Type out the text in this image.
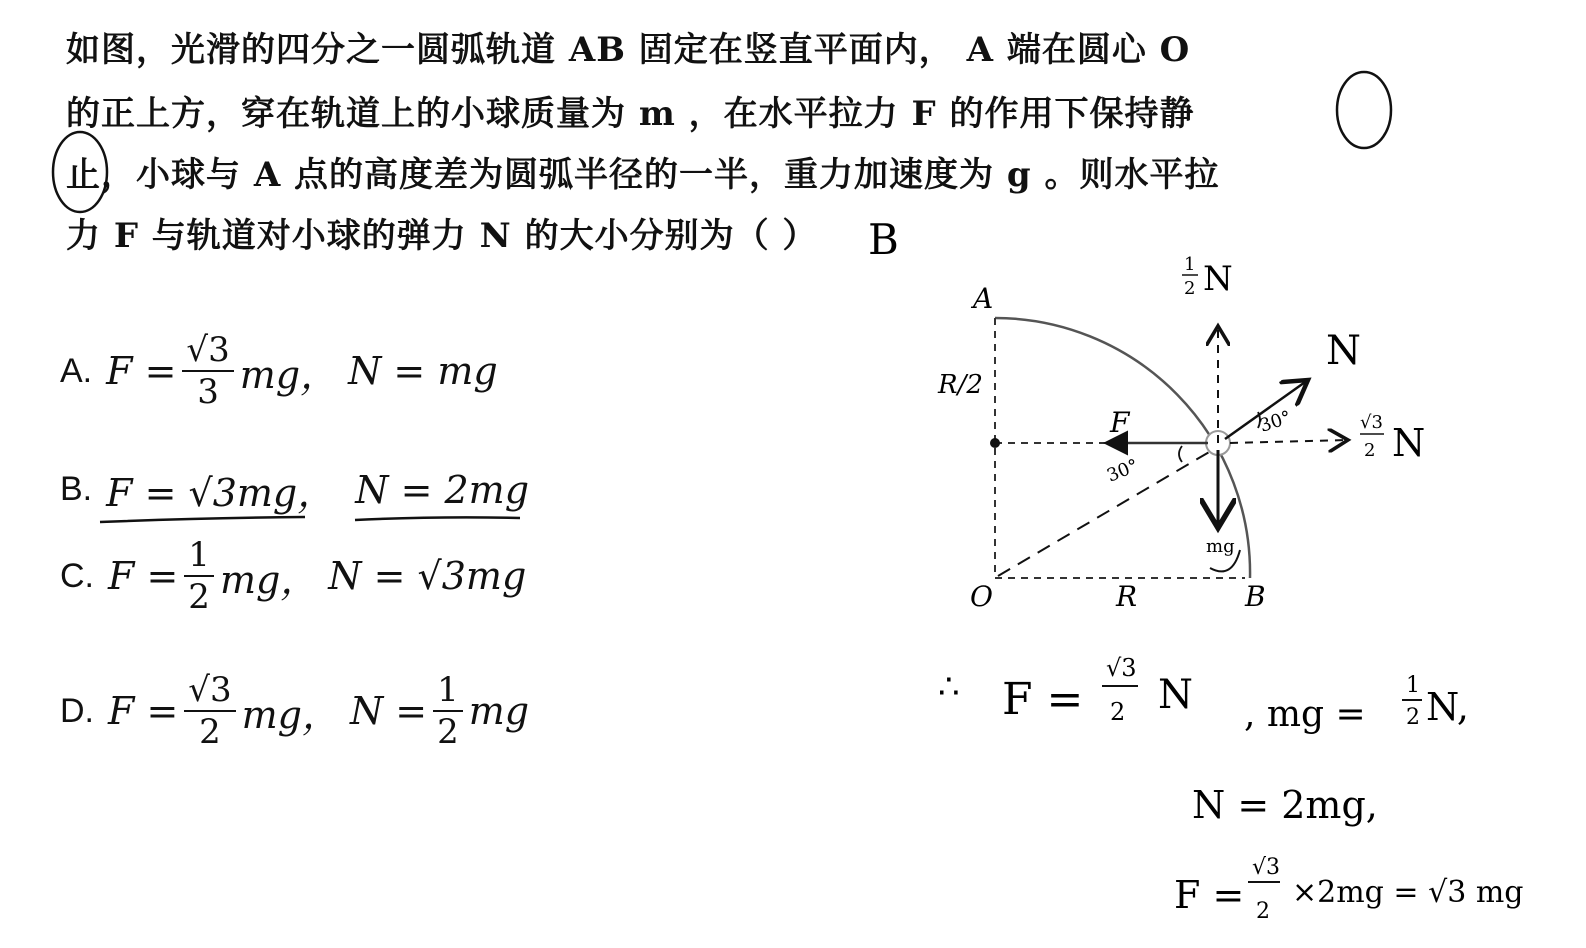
如图，光滑的四分之一圆弧轨道 AB 固定在竖直平面内， A 端在圆心 O
的正上方，穿在轨道上的小球质量为 m ，在水平拉力 F 的作用下保持静
止，小球与 A 点的高度差为圆弧半径的一半，重力加速度为 g 。则水平拉
力 F 与轨道对小球的弹力 N 的大小分别为（ ） B
A. $F = \frac{√3}{3}$ mg， N = mg
B. F = √3mg， N = 2mg
C. $F = \frac{1}{2}$ mg， N = √3mg
D. $F = \frac{√3}{2}$ mg， $N = \frac{1}{2}$ mg
A
B
O	R
R/2
F
30°
30°
mg
N
1
2 N
√3
2 N
∴ F =
√3
2 N , mg =
1
2 N,
N = 2mg,
F =
√3
2
×2mg = √3 mg
